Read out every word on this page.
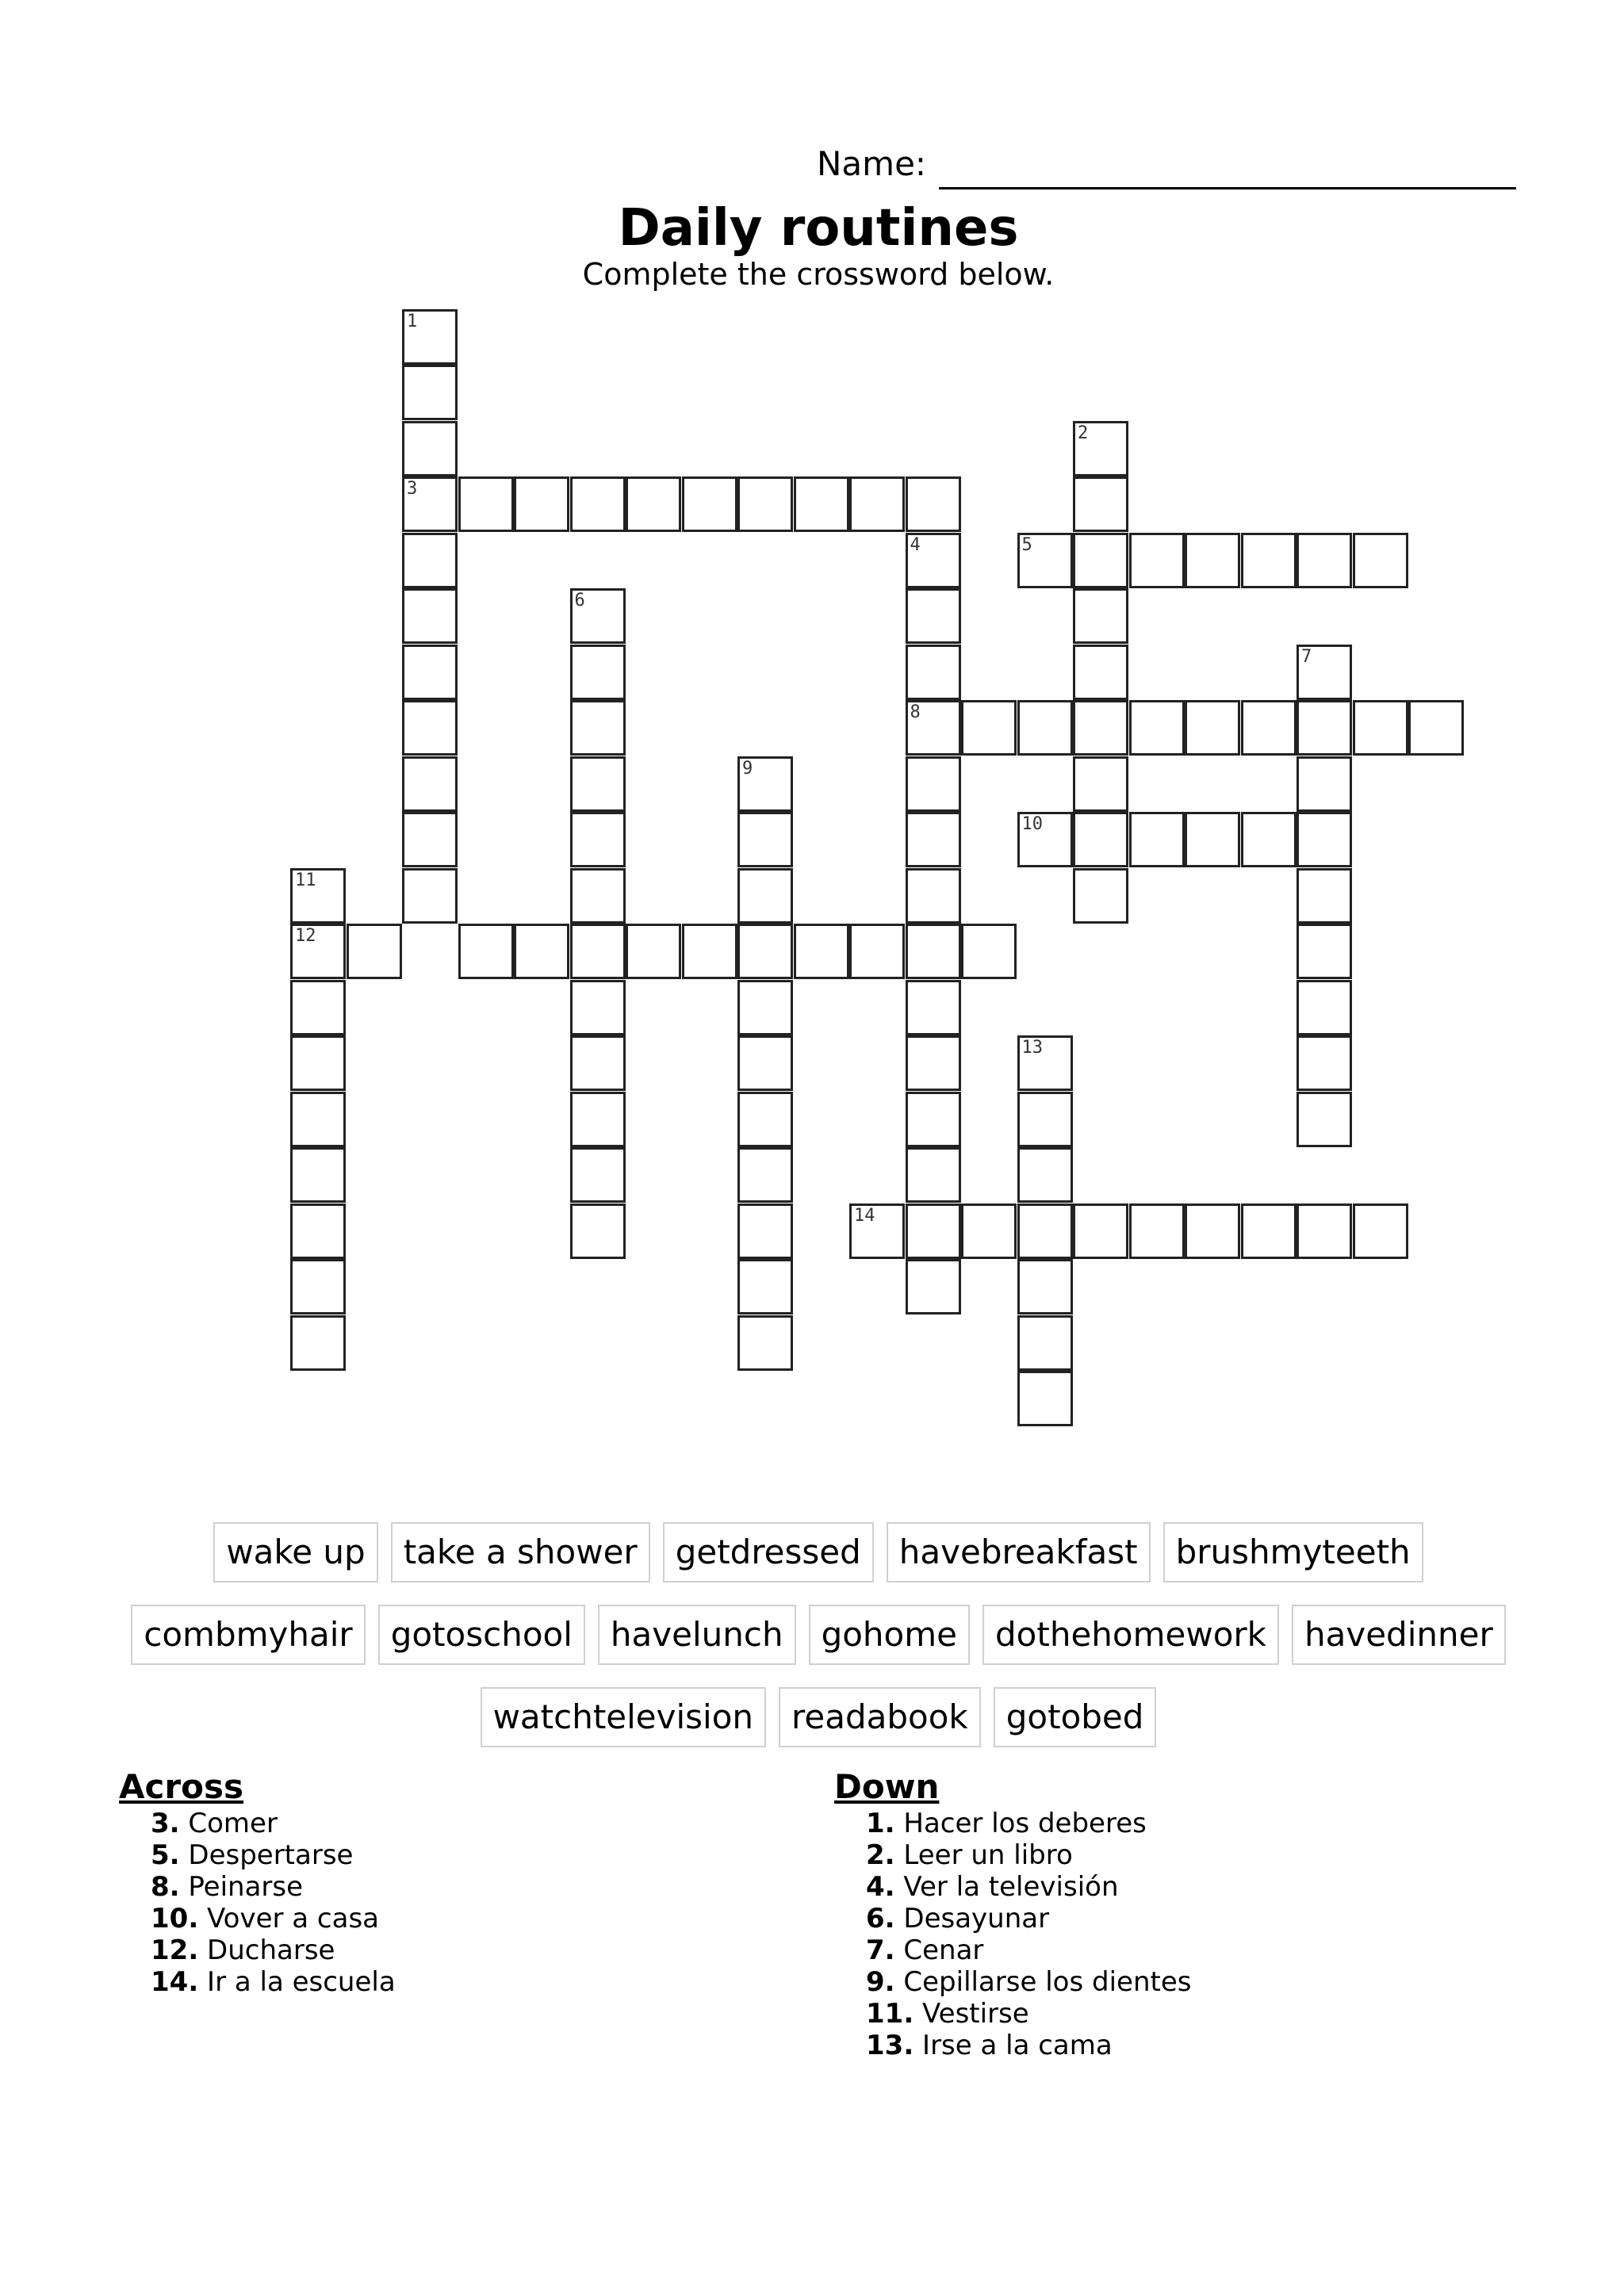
Name:
Daily routines
Complete the crossword below.
1
3
2
4
8
5
6
7
9
10
11
12
13
14
wake up	take a shower	getdressed	havebreakfast	brushmyteeth
combmyhair	gotoschool	havelunch	gohome	dothehomework	havedinner
watchtelevision	readabook	gotobed
Across
3. Comer
5. Despertarse
8. Peinarse
10. Vover a casa
12. Ducharse
14. Ir a la escuela
Down
1. Hacer los deberes
2. Leer un libro
4. Ver la televisión
6. Desayunar
7. Cenar
9. Cepillarse los dientes
11. Vestirse
13. Irse a la cama
